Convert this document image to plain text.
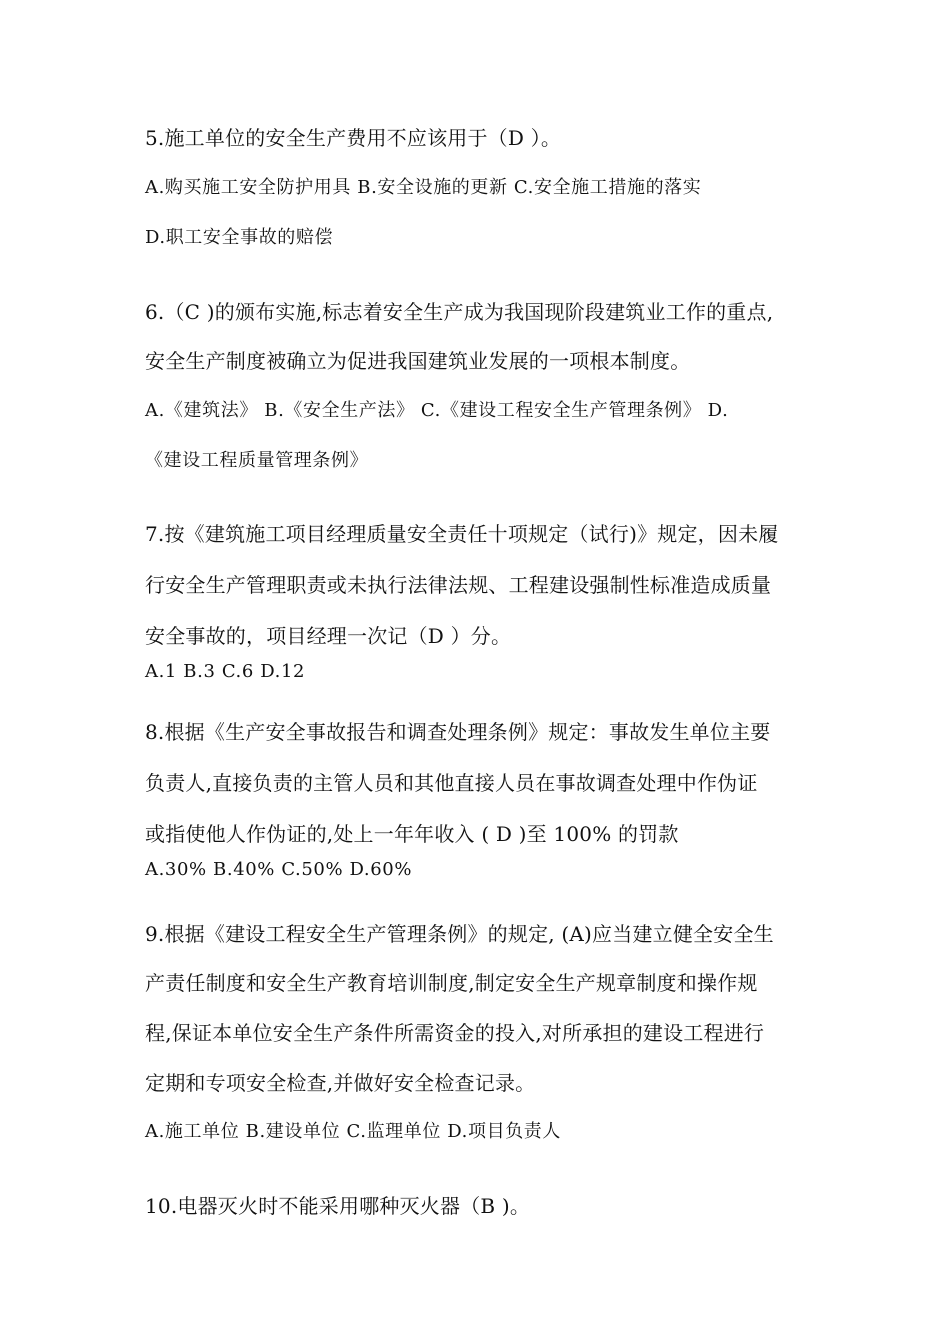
5.施工单位的安全生产费用不应该用于（D ）。
A.购买施工安全防护用具 B.安全设施的更新 C.安全施工措施的落实
D.职工安全事故的赔偿
6.（C )的颁布实施,标志着安全生产成为我国现阶段建筑业工作的重点,
安全生产制度被确立为促进我国建筑业发展的一项根本制度。
A.《建筑法》 B.《安全生产法》 C.《建设工程安全生产管理条例》 D.
《建设工程质量管理条例》
7.按《建筑施工项目经理质量安全责任十项规定（试行)》规定，因未履
行安全生产管理职责或未执行法律法规、工程建设强制性标准造成质量
安全事故的，项目经理一次记（D ）分。
A.1 B.3 C.6 D.12
8.根据《生产安全事故报告和调查处理条例》规定：事故发生单位主要
负责人,直接负责的主管人员和其他直接人员在事故调查处理中作伪证
或指使他人作伪证的,处上一年年收入 ( D )至 100% 的罚款
A.30% B.40% C.50% D.60%
9.根据《建设工程安全生产管理条例》的规定, (A)应当建立健全安全生
产责任制度和安全生产教育培训制度,制定安全生产规章制度和操作规
程,保证本单位安全生产条件所需资金的投入,对所承担的建设工程进行
定期和专项安全检查,并做好安全检查记录。
A.施工单位 B.建设单位 C.监理单位 D.项目负责人
10.电器灭火时不能采用哪种灭火器（B )。
